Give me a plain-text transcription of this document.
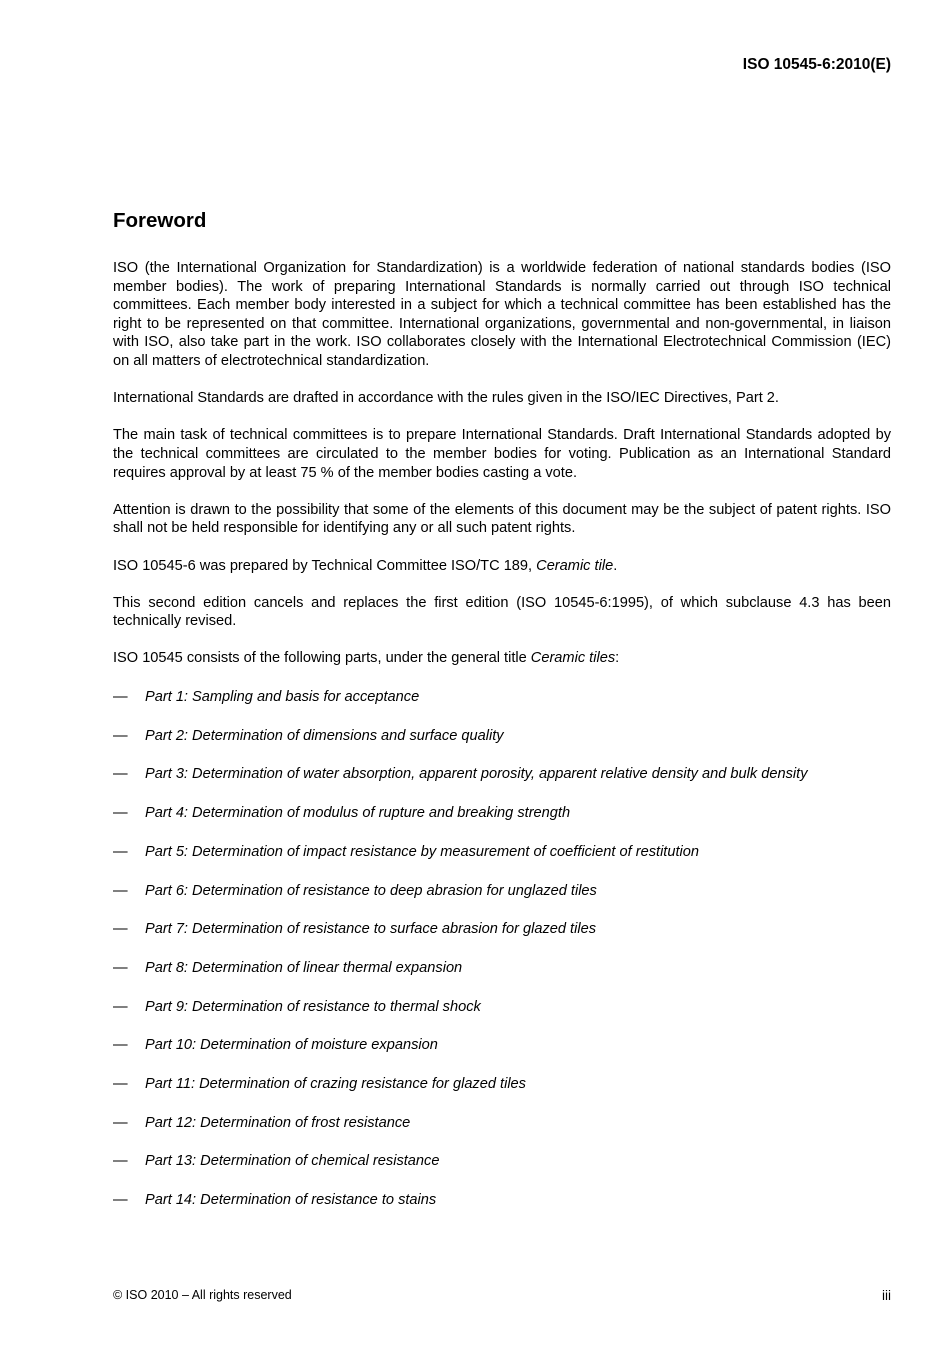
ISO 10545-6:2010(E)
Foreword

ISO (the International Organization for Standardization) is a worldwide federation of national standards bodies (ISO member bodies). The work of preparing International Standards is normally carried out through ISO technical committees. Each member body interested in a subject for which a technical committee has been established has the right to be represented on that committee. International organizations, governmental and non-governmental, in liaison with ISO, also take part in the work. ISO collaborates closely with the International Electrotechnical Commission (IEC) on all matters of electrotechnical standardization.

International Standards are drafted in accordance with the rules given in the ISO/IEC Directives, Part 2.

The main task of technical committees is to prepare International Standards. Draft International Standards adopted by the technical committees are circulated to the member bodies for voting. Publication as an International Standard requires approval by at least 75 % of the member bodies casting a vote.

Attention is drawn to the possibility that some of the elements of this document may be the subject of patent rights. ISO shall not be held responsible for identifying any or all such patent rights.

ISO 10545-6 was prepared by Technical Committee ISO/TC 189, Ceramic tile.

This second edition cancels and replaces the first edition (ISO 10545-6:1995), of which subclause 4.3 has been technically revised.

ISO 10545 consists of the following parts, under the general title Ceramic tiles:

—	Part 1: Sampling and basis for acceptance
—	Part 2: Determination of dimensions and surface quality
—	Part 3: Determination of water absorption, apparent porosity, apparent relative density and bulk density
—	Part 4: Determination of modulus of rupture and breaking strength
—	Part 5: Determination of impact resistance by measurement of coefficient of restitution
—	Part 6: Determination of resistance to deep abrasion for unglazed tiles
—	Part 7: Determination of resistance to surface abrasion for glazed tiles
—	Part 8: Determination of linear thermal expansion
—	Part 9: Determination of resistance to thermal shock
—	Part 10: Determination of moisture expansion
—	Part 11: Determination of crazing resistance for glazed tiles
—	Part 12: Determination of frost resistance
—	Part 13: Determination of chemical resistance
—	Part 14: Determination of resistance to stains
© ISO 2010 – All rights reserved	iii
